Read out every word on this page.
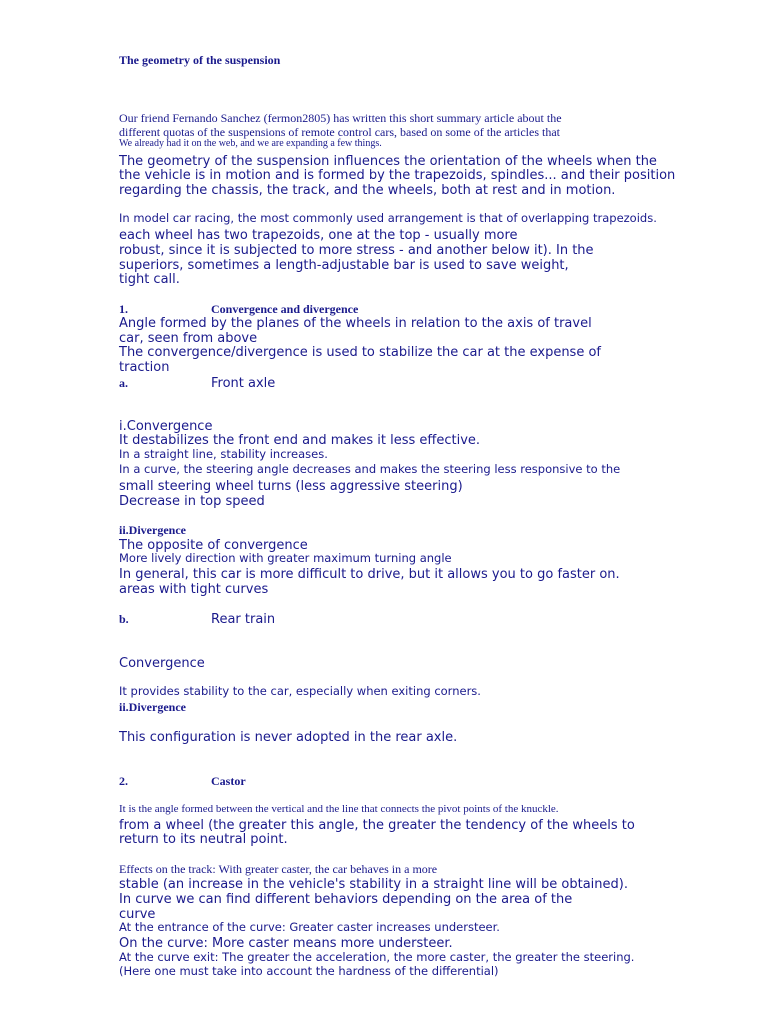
The geometry of the suspension
Our friend Fernando Sanchez (fermon2805) has written this short summary article about the
different quotas of the suspensions of remote control cars, based on some of the articles that
We already had it on the web, and we are expanding a few things.
The geometry of the suspension influences the orientation of the wheels when the
the vehicle is in motion and is formed by the trapezoids, spindles... and their position
regarding the chassis, the track, and the wheels, both at rest and in motion.
In model car racing, the most commonly used arrangement is that of overlapping trapezoids.
each wheel has two trapezoids, one at the top - usually more
robust, since it is subjected to more stress - and another below it). In the
superiors, sometimes a length-adjustable bar is used to save weight,
tight call.
1.	Convergence and divergence
Angle formed by the planes of the wheels in relation to the axis of travel
car, seen from above
The convergence/divergence is used to stabilize the car at the expense of
traction
a.	Front axle
i.Convergence
It destabilizes the front end and makes it less effective.
In a straight line, stability increases.
In a curve, the steering angle decreases and makes the steering less responsive to the
small steering wheel turns (less aggressive steering)
Decrease in top speed
ii.Divergence
The opposite of convergence
More lively direction with greater maximum turning angle
In general, this car is more difficult to drive, but it allows you to go faster on.
areas with tight curves
b.	Rear train
Convergence
It provides stability to the car, especially when exiting corners.
ii.Divergence
This configuration is never adopted in the rear axle.
2.	Castor
It is the angle formed between the vertical and the line that connects the pivot points of the knuckle.
from a wheel (the greater this angle, the greater the tendency of the wheels to
return to its neutral point.
Effects on the track: With greater caster, the car behaves in a more
stable (an increase in the vehicle's stability in a straight line will be obtained).
In curve we can find different behaviors depending on the area of the
curve
At the entrance of the curve: Greater caster increases understeer.
On the curve: More caster means more understeer.
At the curve exit: The greater the acceleration, the more caster, the greater the steering.
(Here one must take into account the hardness of the differential)
